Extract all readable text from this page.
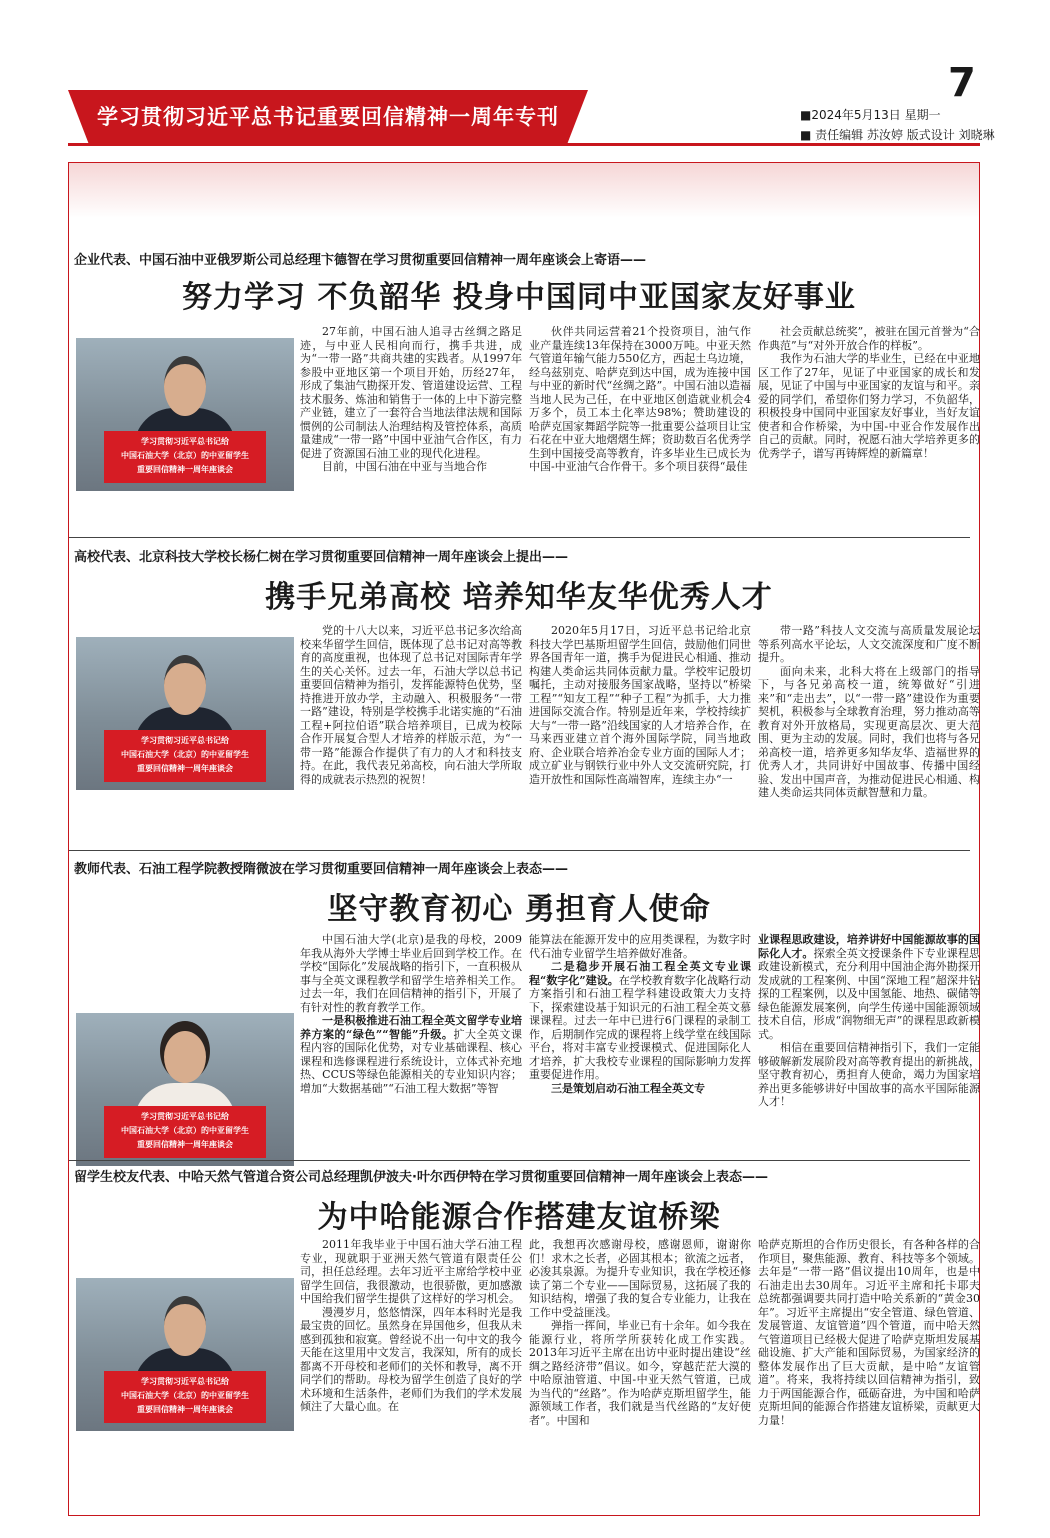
学习贯彻习近平总书记重要回信精神一周年专刊
7
■2024年5月13日 星期一
■ 责任编辑 苏汝婷 版式设计 刘晓琳
企业代表、中国石油中亚俄罗斯公司总经理卞德智在学习贯彻重要回信精神一周年座谈会上寄语——
努力学习 不负韶华 投身中国同中亚国家友好事业
学习贯彻习近平总书记给
中国石油大学（北京）的中亚留学生
重要回信精神一周年座谈会

27年前，中国石油人追寻古丝绸之路足迹，与中亚人民相向而行，携手共进，成为“一带一路”共商共建的实践者。从1997年参股中亚地区第一个项目开始，历经27年，形成了集油气勘探开发、管道建设运营、工程技术服务、炼油和销售于一体的上中下游完整产业链，建立了一套符合当地法律法规和国际惯例的公司制法人治理结构及管控体系，高质量建成“一带一路”中国中亚油气合作区，有力促进了资源国石油工业的现代化进程。

目前，中国石油在中亚与当地合作

伙伴共同运营着21个投资项目，油气作业产量连续13年保持在3000万吨。中亚天然气管道年输气能力550亿方，西起土乌边境，经乌兹别克、哈萨克到达中国，成为连接中国与中亚的新时代“丝绸之路”。中国石油以造福当地人民为己任，在中亚地区创造就业机会4万多个，员工本土化率达98%；赞助建设的哈萨克国家舞蹈学院等一批重要公益项目让宝石花在中亚大地熠熠生辉；资助数百名优秀学生到中国接受高等教育，许多毕业生已成长为中国-中亚油气合作骨干。多个项目获得“最佳

社会贡献总统奖”，被驻在国元首誉为“合作典范”与“对外开放合作的样板”。

我作为石油大学的毕业生，已经在中亚地区工作了27年，见证了中亚国家的成长和发展，见证了中国与中亚国家的友谊与和平。亲爱的同学们，希望你们努力学习，不负韶华，积极投身中国同中亚国家友好事业，当好友谊使者和合作桥梁，为中国-中亚合作发展作出自己的贡献。同时，祝愿石油大学培养更多的优秀学子，谱写再铸辉煌的新篇章！

高校代表、北京科技大学校长杨仁树在学习贯彻重要回信精神一周年座谈会上提出——
携手兄弟高校 培养知华友华优秀人才
学习贯彻习近平总书记给
中国石油大学（北京）的中亚留学生
重要回信精神一周年座谈会

党的十八大以来，习近平总书记多次给高校来华留学生回信，既体现了总书记对高等教育的高度重视，也体现了总书记对国际青年学生的关心关怀。过去一年，石油大学以总书记重要回信精神为指引，发挥能源特色优势，坚持推进开放办学，主动融入、积极服务“一带一路”建设，特别是学校携手北诺实施的“石油工程+阿拉伯语”联合培养项目，已成为校际合作开展复合型人才培养的样版示范，为“一带一路”能源合作提供了有力的人才和科技支持。在此，我代表兄弟高校，向石油大学所取得的成就表示热烈的祝贺！

2020年5月17日，习近平总书记给北京科技大学巴基斯坦留学生回信，鼓励他们同世界各国青年一道，携手为促进民心相通、推动构建人类命运共同体贡献力量。学校牢记殷切嘱托，主动对接服务国家战略，坚持以“桥梁工程”“知友工程”“种子工程”为抓手，大力推进国际交流合作。特别是近年来，学校持续扩大与“一带一路”沿线国家的人才培养合作，在马来西亚建立首个海外国际学院，同当地政府、企业联合培养冶金专业方面的国际人才；成立矿业与钢铁行业中外人文交流研究院，打造开放性和国际性高端智库，连续主办“一

带一路”科技人文交流与高质量发展论坛等系列高水平论坛，人文交流深度和广度不断提升。

面向未来，北科大将在上级部门的指导下，与各兄弟高校一道，统筹做好“引进来”和“走出去”，以“一带一路”建设作为重要契机，积极参与全球教育治理，努力推动高等教育对外开放格局，实现更高层次、更大范围、更为主动的发展。同时，我们也将与各兄弟高校一道，培养更多知华友华、造福世界的优秀人才，共同讲好中国故事、传播中国经验、发出中国声音，为推动促进民心相通、构建人类命运共同体贡献智慧和力量。

教师代表、石油工程学院教授隋微波在学习贯彻重要回信精神一周年座谈会上表态——
坚守教育初心 勇担育人使命
学习贯彻习近平总书记给
中国石油大学（北京）的中亚留学生
重要回信精神一周年座谈会

中国石油大学(北京)是我的母校，2009年我从海外大学博士毕业后回到学校工作。在学校“国际化”发展战略的指引下，一直积极从事与全英文课程教学和留学生培养相关工作。过去一年，我们在回信精神的指引下，开展了有针对性的教育教学工作。

一是积极推进石油工程全英文留学专业培养方案的“绿色”“智能”升级。扩大全英文课程内容的国际化优势，对专业基础课程、核心课程和选修课程进行系统设计，立体式补充地热、CCUS等绿色能源相关的专业知识内容；增加“大数据基础”“石油工程大数据”等智

能算法在能源开发中的应用类课程，为数字时代石油专业留学生培养做好准备。

二是稳步开展石油工程全英文专业课程“数字化”建设。在学校教育数字化战略行动方案指引和石油工程学科建设政策大力支持下，探索建设基于知识元的石油工程全英文慕课课程。过去一年中已进行6门课程的录制工作，后期制作完成的课程将上线学堂在线国际平台，将对丰富专业授课模式、促进国际化人才培养，扩大我校专业课程的国际影响力发挥重要促进作用。

三是策划启动石油工程全英文专

业课程思政建设，培养讲好中国能源故事的国际化人才。探索全英文授课条件下专业课程思政建设新模式，充分利用中国油企海外勘探开发成就的工程案例、中国“深地工程”超深井钻探的工程案例，以及中国氢能、地热、碳储等绿色能源发展案例，向学生传递中国能源领域技术自信，形成“润物细无声”的课程思政新模式。

相信在重要回信精神指引下，我们一定能够破解新发展阶段对高等教育提出的新挑战，坚守教育初心，勇担育人使命，竭力为国家培养出更多能够讲好中国故事的高水平国际能源人才！

留学生校友代表、中哈天然气管道合资公司总经理凯伊波夫·叶尔西伊特在学习贯彻重要回信精神一周年座谈会上表态——
为中哈能源合作搭建友谊桥梁
学习贯彻习近平总书记给
中国石油大学（北京）的中亚留学生
重要回信精神一周年座谈会

2011年我毕业于中国石油大学石油工程专业，现就职于亚洲天然气管道有限责任公司，担任总经理。去年习近平主席给学校中亚留学生回信，我很激动，也很骄傲，更加感激中国给我们留学生提供了这样好的学习机会。

漫漫岁月，悠悠情深，四年本科时光是我最宝贵的回忆。虽然身在异国他乡，但我从未感到孤独和寂寞。曾经说不出一句中文的我今天能在这里用中文发言，我深知，所有的成长都离不开母校和老师们的关怀和教导，离不开同学们的帮助。母校为留学生创造了良好的学术环境和生活条件，老师们为我们的学术发展倾注了大量心血。在

此，我想再次感谢母校，感谢恩师，谢谢你们！求木之长者，必固其根本；欲流之远者，必浚其泉源。为提升专业知识，我在学校还修读了第二个专业——国际贸易，这拓展了我的知识结构，增强了我的复合专业能力，让我在工作中受益匪浅。

弹指一挥间，毕业已有十余年。如今我在能源行业，将所学所获转化成工作实践。2013年习近平主席在出访中亚时提出建设“丝绸之路经济带”倡议。如今，穿越茫茫大漠的中哈原油管道、中国-中亚天然气管道，已成为当代的“丝路”。作为哈萨克斯坦留学生，能源领域工作者，我们就是当代丝路的“友好使者”。中国和

哈萨克斯坦的合作历史很长，有各种各样的合作项目，聚焦能源、教育、科技等多个领域。去年是“一带一路”倡议提出10周年，也是中石油走出去30周年。习近平主席和托卡耶夫总统都强调要共同打造中哈关系新的“黄金30年”。习近平主席提出“安全管道、绿色管道、发展管道、友谊管道”四个管道，而中哈天然气管道项目已经极大促进了哈萨克斯坦发展基础设施、扩大产能和国际贸易，为国家经济的整体发展作出了巨大贡献，是中哈“友谊管道”。将来，我将持续以回信精神为指引，致力于两国能源合作，砥砺奋进，为中国和哈萨克斯坦间的能源合作搭建友谊桥梁，贡献更大力量！
